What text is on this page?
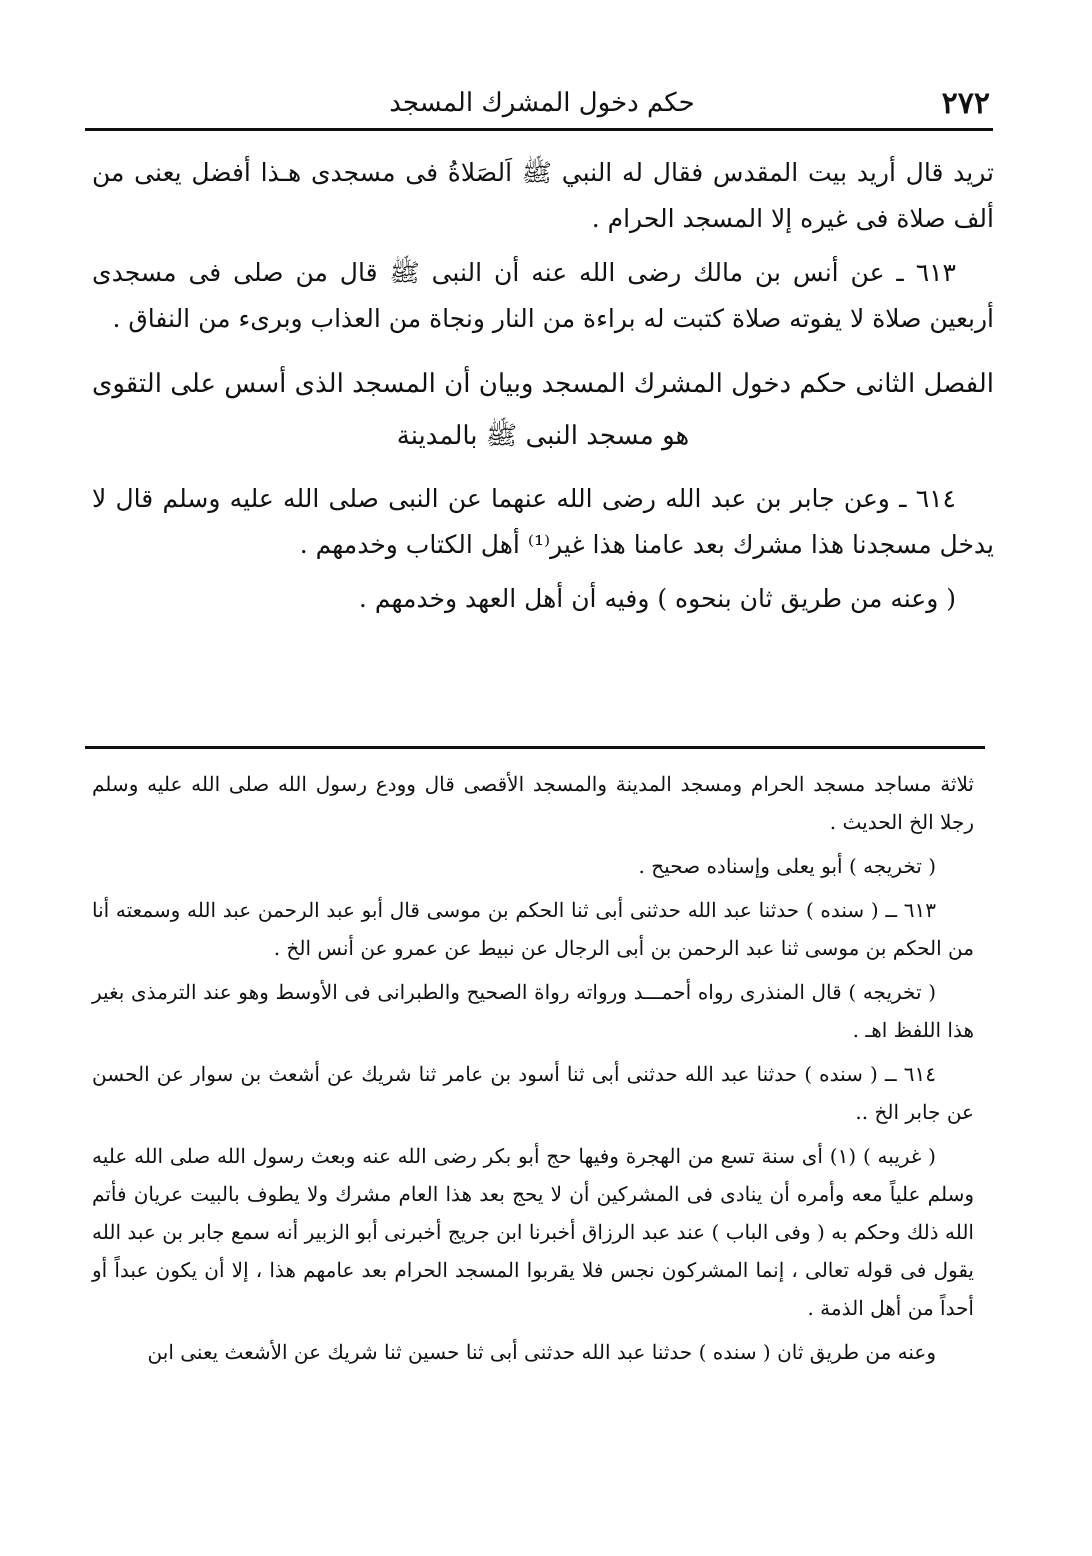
٢٧٢
حكم دخول المشرك المسجد

تريد قال أريد بيت المقدس فقال له النبي ﷺ اَلصَلاةُ فى مسجدى هـذا أفضل يعنى من ألف صلاة فى غيره إلا المسجد الحرام .

٦١٣ ـ عن أنس بن مالك رضى الله عنه أن النبى ﷺ قال من صلى فى مسجدى أربعين صلاة لا يفوته صلاة كتبت له براءة من النار ونجاة من العذاب وبرىء من النفاق .

الفصل الثانى حكم دخول المشرك المسجد وبيان أن المسجد الذى أسس على التقوى
هو مسجد النبى ﷺ بالمدينة

٦١٤ ـ وعن جابر بن عبد الله رضى الله عنهما عن النبى صلى الله عليه وسلم قال لا يدخل مسجدنا هذا مشرك بعد عامنا هذا غير⁽¹⁾ أهل الكتاب وخدمهم .

( وعنه من طريق ثان بنحوه ) وفيه أن أهل العهد وخدمهم .

ثلاثة مساجد مسجد الحرام ومسجد المدينة والمسجد الأقصى قال وودع رسول الله صلى الله عليه وسلم رجلا الخ الحديث .

( تخريجه ) أبو يعلى وإسناده صحيح .

٦١٣ ــ ( سنده ) حدثنا عبد الله حدثنى أبى ثنا الحكم بن موسى قال أبو عبد الرحمن عبد الله وسمعته أنا من الحكم بن موسى ثنا عبد الرحمن بن أبى الرجال عن نبيط عن عمرو عن أنس الخ .

( تخريجه ) قال المنذرى رواه أحمـــد ورواته رواة الصحيح والطبرانى فى الأوسط وهو عند الترمذى بغير هذا اللفظ اهـ .

٦١٤ ــ ( سنده ) حدثنا عبد الله حدثنى أبى ثنا أسود بن عامر ثنا شريك عن أشعث بن سوار عن الحسن عن جابر الخ ..

( غريبه ) (١) أى سنة تسع من الهجرة وفيها حج أبو بكر رضى الله عنه وبعث رسول الله صلى الله عليه وسلم علياً معه وأمره أن ينادى فى المشركين أن لا يحج بعد هذا العام مشرك ولا يطوف بالبيت عريان فأتم الله ذلك وحكم به ( وفى الباب ) عند عبد الرزاق أخبرنا ابن جريج أخبرنى أبو الزبير أنه سمع جابر بن عبد الله يقول فى قوله تعالى ، إنما المشركون نجس فلا يقربوا المسجد الحرام بعد عامهم هذا ، إلا أن يكون عبداً أو أحداً من أهل الذمة .

وعنه من طريق ثان ( سنده ) حدثنا عبد الله حدثنى أبى ثنا حسين ثنا شريك عن الأشعث يعنى ابن
